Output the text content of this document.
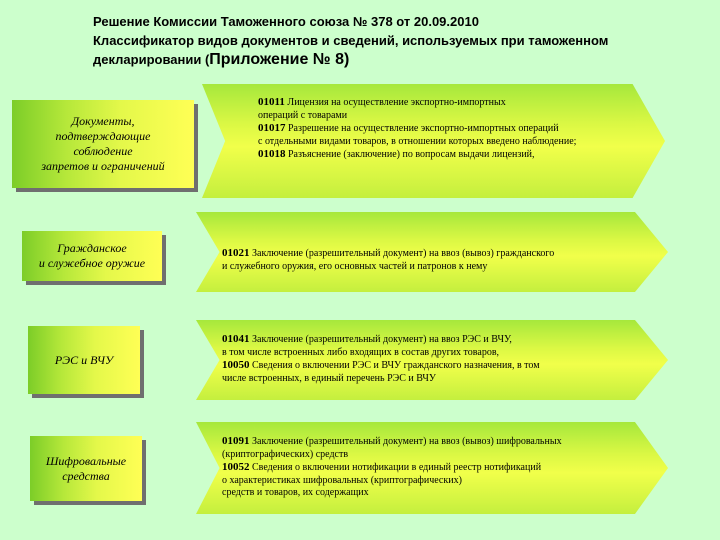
Решение Комиссии Таможенного союза № 378 от 20.09.2010
Классификатор видов документов и сведений, используемых при таможенном
декларировании (Приложение № 8)
Документы,
подтверждающие
соблюдение
запретов и ограничений
01011 Лицензия на осуществление экспортно-импортных
операций с товарами
01017 Разрешение на осуществление экспортно-импортных операций
с отдельными видами товаров, в отношении которых введено наблюдение;
01018 Разъяснение (заключение) по вопросам выдачи лицензий,
Гражданское
и служебное оружие
01021 Заключение (разрешительный документ) на ввоз (вывоз) гражданского
и служебного оружия, его основных частей и патронов к нему
РЭС и ВЧУ
01041 Заключение (разрешительный документ) на ввоз РЭС и ВЧУ,
в том числе встроенных либо входящих в состав других товаров,
10050 Сведения о включении РЭС и ВЧУ гражданского назначения, в том
числе встроенных, в единый перечень РЭС и ВЧУ
Шифровальные
средства
01091 Заключение (разрешительный документ) на ввоз (вывоз) шифровальных
(криптографических) средств
10052 Сведения о включении нотификации в единый реестр нотификаций
о характеристиках шифровальных (криптографических)
средств и товаров, их содержащих
